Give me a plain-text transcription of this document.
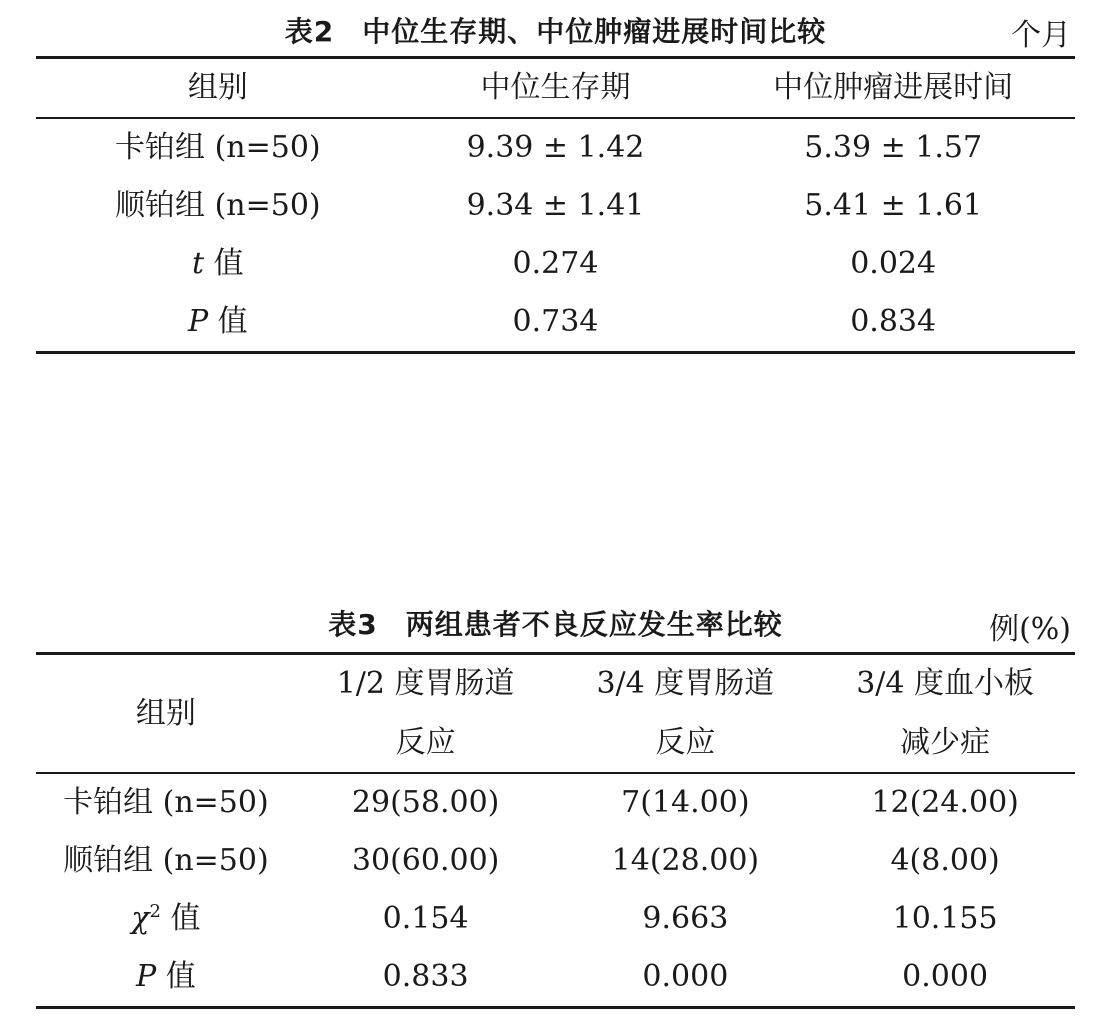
表2 中位生存期、中位肿瘤进展时间比较	个月
组别	中位生存期	中位肿瘤进展时间
卡铂组 (n=50)	9.39 ± 1.42	5.39 ± 1.57
顺铂组 (n=50)	9.34 ± 1.41	5.41 ± 1.61
t 值	0.274	0.024
P 值	0.734	0.834
表3 两组患者不良反应发生率比较	例(%)
组别	1/2 度胃肠道	3/4 度胃肠道	3/4 度血小板
	反应	反应	减少症
卡铂组 (n=50)	29(58.00)	7(14.00)	12(24.00)
顺铂组 (n=50)	30(60.00)	14(28.00)	4(8.00)
$\chi^2$ 值	0.154	9.663	10.155
P 值	0.833	0.000	0.000
